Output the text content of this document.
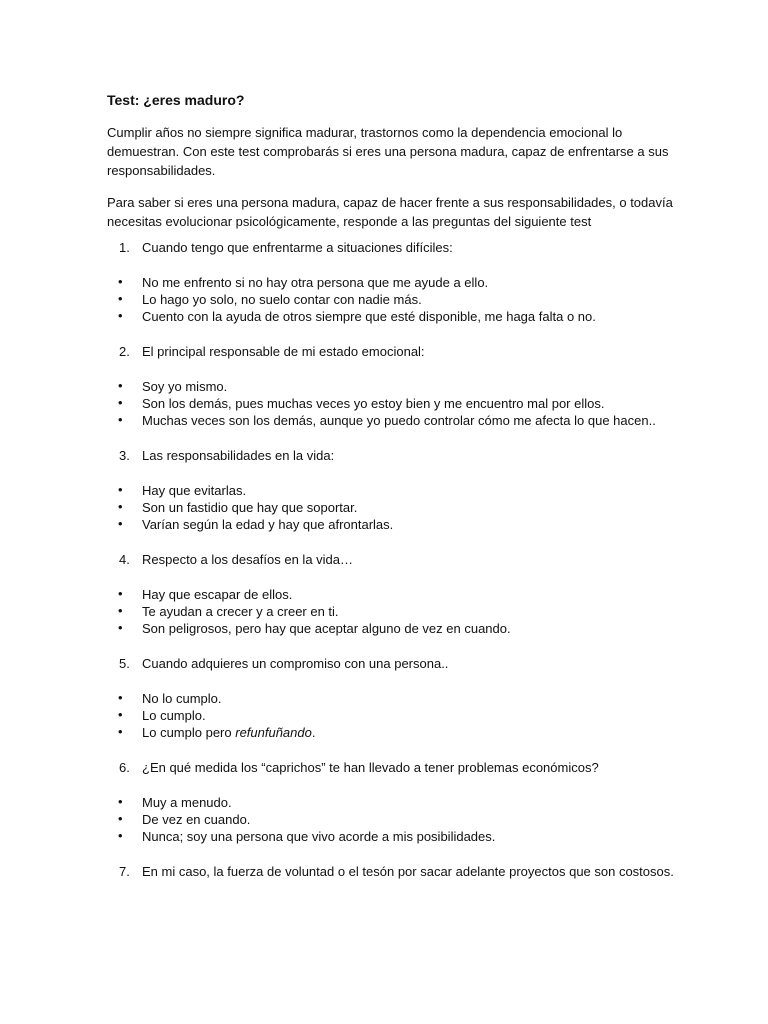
Test: ¿eres maduro?

Cumplir años no siempre significa madurar, trastornos como la dependencia emocional lo demuestran. Con este test comprobarás si eres una persona madura, capaz de enfrentarse a sus responsabilidades.

Para saber si eres una persona madura, capaz de hacer frente a sus responsabilidades, o todavía necesitas evolucionar psicológicamente, responde a las preguntas del siguiente test

1. Cuando tengo que enfrentarme a situaciones difíciles:
• No me enfrento si no hay otra persona que me ayude a ello.
• Lo hago yo solo, no suelo contar con nadie más.
• Cuento con la ayuda de otros siempre que esté disponible, me haga falta o no.
2. El principal responsable de mi estado emocional:
• Soy yo mismo.
• Son los demás, pues muchas veces yo estoy bien y me encuentro mal por ellos.
• Muchas veces son los demás, aunque yo puedo controlar cómo me afecta lo que hacen..
3. Las responsabilidades en la vida:
• Hay que evitarlas.
• Son un fastidio que hay que soportar.
• Varían según la edad y hay que afrontarlas.
4. Respecto a los desafíos en la vida…
• Hay que escapar de ellos.
• Te ayudan a crecer y a creer en ti.
• Son peligrosos, pero hay que aceptar alguno de vez en cuando.
5. Cuando adquieres un compromiso con una persona..
• No lo cumplo.
• Lo cumplo.
• Lo cumplo pero refunfuñando.
6. ¿En qué medida los “caprichos” te han llevado a tener problemas económicos?
• Muy a menudo.
• De vez en cuando.
• Nunca; soy una persona que vivo acorde a mis posibilidades.
7. En mi caso, la fuerza de voluntad o el tesón por sacar adelante proyectos que son costosos.
